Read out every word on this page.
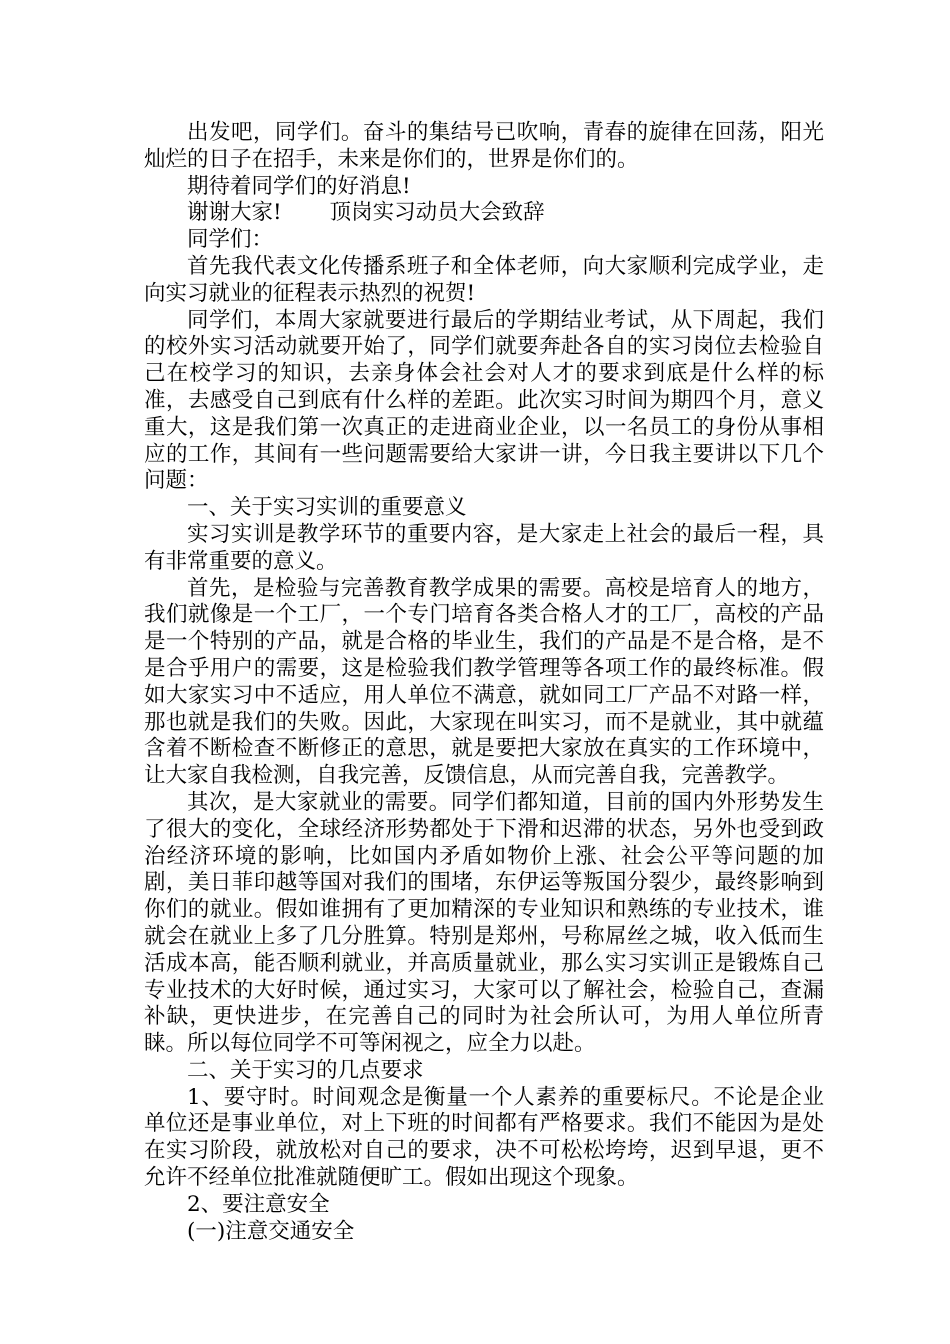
出发吧，同学们。奋斗的集结号已吹响，青春的旋律在回荡，阳光灿烂的日子在招手，未来是你们的，世界是你们的。

期待着同学们的好消息!

谢谢大家! 顶岗实习动员大会致辞

同学们：

首先我代表文化传播系班子和全体老师，向大家顺利完成学业，走向实习就业的征程表示热烈的祝贺!

同学们，本周大家就要进行最后的学期结业考试，从下周起，我们的校外实习活动就要开始了，同学们就要奔赴各自的实习岗位去检验自己在校学习的知识，去亲身体会社会对人才的要求到底是什么样的标准，去感受自己到底有什么样的差距。此次实习时间为期四个月，意义重大，这是我们第一次真正的走进商业企业，以一名员工的身份从事相应的工作，其间有一些问题需要给大家讲一讲，今日我主要讲以下几个问题：

一、关于实习实训的重要意义

实习实训是教学环节的重要内容，是大家走上社会的最后一程，具有非常重要的意义。

首先，是检验与完善教育教学成果的需要。高校是培育人的地方，我们就像是一个工厂，一个专门培育各类合格人才的工厂，高校的产品是一个特别的产品，就是合格的毕业生，我们的产品是不是合格，是不是合乎用户的需要，这是检验我们教学管理等各项工作的最终标准。假如大家实习中不适应，用人单位不满意，就如同工厂产品不对路一样，那也就是我们的失败。因此，大家现在叫实习，而不是就业，其中就蕴含着不断检查不断修正的意思，就是要把大家放在真实的工作环境中，让大家自我检测，自我完善，反馈信息，从而完善自我，完善教学。

其次，是大家就业的需要。同学们都知道，目前的国内外形势发生了很大的变化，全球经济形势都处于下滑和迟滞的状态，另外也受到政治经济环境的影响，比如国内矛盾如物价上涨、社会公平等问题的加剧，美日菲印越等国对我们的围堵，东伊运等叛国分裂少，最终影响到你们的就业。假如谁拥有了更加精深的专业知识和熟练的专业技术，谁就会在就业上多了几分胜算。特别是郑州，号称屌丝之城，收入低而生活成本高，能否顺利就业，并高质量就业，那么实习实训正是锻炼自己专业技术的大好时候，通过实习，大家可以了解社会，检验自己，查漏补缺，更快进步，在完善自己的同时为社会所认可，为用人单位所青睐。所以每位同学不可等闲视之，应全力以赴。

二、关于实习的几点要求

1、要守时。时间观念是衡量一个人素养的重要标尺。不论是企业单位还是事业单位，对上下班的时间都有严格要求。我们不能因为是处在实习阶段，就放松对自己的要求，决不可松松垮垮，迟到早退，更不允许不经单位批准就随便旷工。假如出现这个现象。

2、要注意安全

(一)注意交通安全
